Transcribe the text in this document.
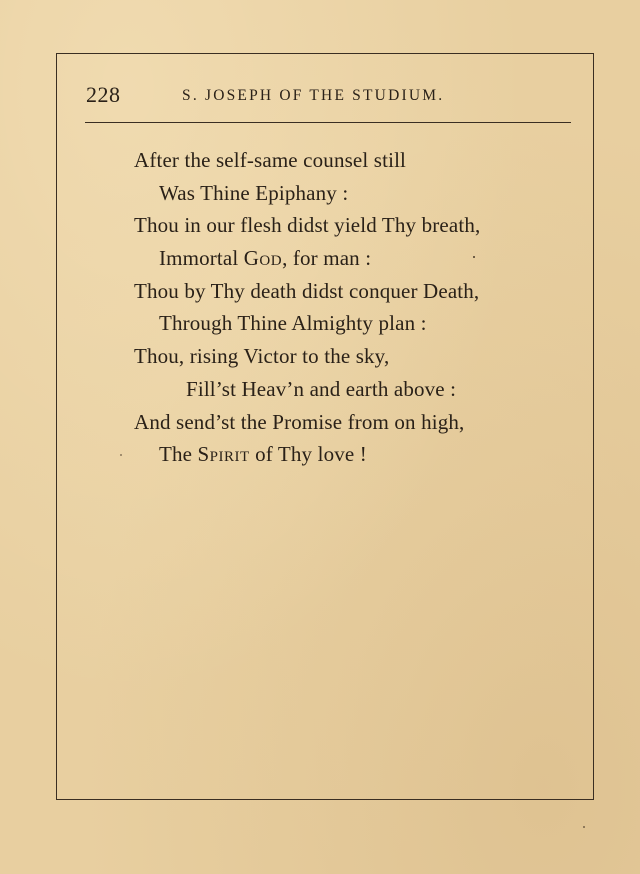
228	S. JOSEPH OF THE STUDIUM.
After the self-same counsel still
Was Thine Epiphany :
Thou in our flesh didst yield Thy breath,
Immortal God, for man :
Thou by Thy death didst conquer Death,
Through Thine Almighty plan :
Thou, rising Victor to the sky,
Fill’st Heav’n and earth above :
And send’st the Promise from on high,
The Spirit of Thy love !
